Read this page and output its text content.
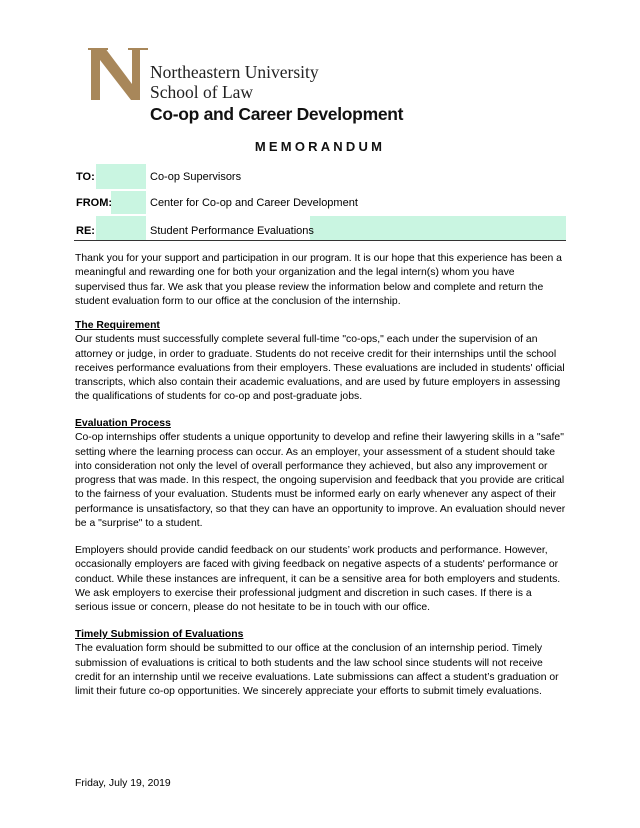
Northeastern University
School of Law
Co-op and Career Development
MEMORANDUM
TO:	Co-op Supervisors
FROM:	Center for Co-op and Career Development
RE:	Student Performance Evaluations

Thank you for your support and participation in our program. It is our hope that this experience has been a meaningful and rewarding one for both your organization and the legal intern(s) whom you have supervised thus far. We ask that you please review the information below and complete and return the student evaluation form to our office at the conclusion of the internship.

The Requirement

Our students must successfully complete several full-time "co-ops," each under the supervision of an attorney or judge, in order to graduate. Students do not receive credit for their internships until the school receives performance evaluations from their employers. These evaluations are included in students' official transcripts, which also contain their academic evaluations, and are used by future employers in assessing the qualifications of students for co-op and post-graduate jobs.

Evaluation Process

Co-op internships offer students a unique opportunity to develop and refine their lawyering skills in a "safe" setting where the learning process can occur. As an employer, your assessment of a student should take into consideration not only the level of overall performance they achieved, but also any improvement or progress that was made. In this respect, the ongoing supervision and feedback that you provide are critical to the fairness of your evaluation. Students must be informed early on early whenever any aspect of their performance is unsatisfactory, so that they can have an opportunity to improve. An evaluation should never be a "surprise" to a student.

Employers should provide candid feedback on our students’ work products and performance. However, occasionally employers are faced with giving feedback on negative aspects of a students' performance or conduct. While these instances are infrequent, it can be a sensitive area for both employers and students. We ask employers to exercise their professional judgment and discretion in such cases. If there is a serious issue or concern, please do not hesitate to be in touch with our office.

Timely Submission of Evaluations

The evaluation form should be submitted to our office at the conclusion of an internship period. Timely submission of evaluations is critical to both students and the law school since students will not receive credit for an internship until we receive evaluations. Late submissions can affect a student’s graduation or limit their future co-op opportunities. We sincerely appreciate your efforts to submit timely evaluations.

Friday, July 19, 2019
